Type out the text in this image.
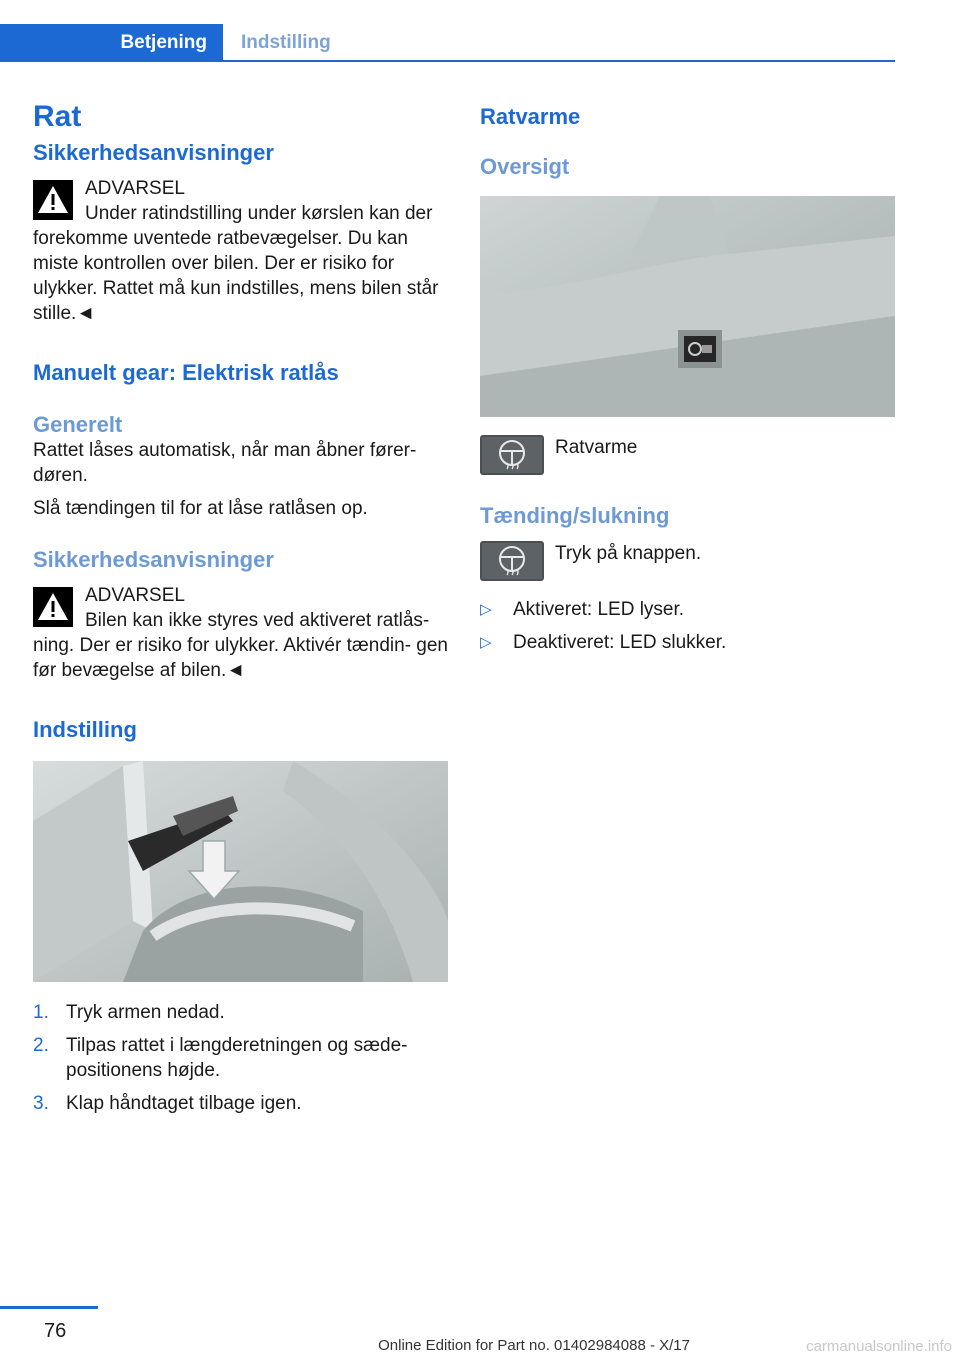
Betjening	Indstilling
Rat
Sikkerhedsanvisninger
ADVARSEL
Under ratindstilling under kørslen kan der forekomme uventede ratbevægelser. Du kan miste kontrollen over bilen. Der er risiko for ulykker. Rattet må kun indstilles, mens bilen står stille.◄
Manuelt gear: Elektrisk ratlås
Generelt

Rattet låses automatisk, når man åbner fører- døren.

Slå tændingen til for at låse ratlåsen op.

Sikkerhedsanvisninger
ADVARSEL
Bilen kan ikke styres ved aktiveret ratlås- ning. Der er risiko for ulykker. Aktivér tændin- gen før bevægelse af bilen.◄
Indstilling
1. Tryk armen nedad.
2. Tilpas rattet i længderetningen og sæde- positionens højde.
3. Klap håndtaget tilbage igen.
Ratvarme
Oversigt
Ratvarme
Tænding/slukning
Tryk på knappen.
▷ Aktiveret: LED lyser.
▷ Deaktiveret: LED slukker.
76
Online Edition for Part no. 01402984088 - X/17	carmanualsonline.info
